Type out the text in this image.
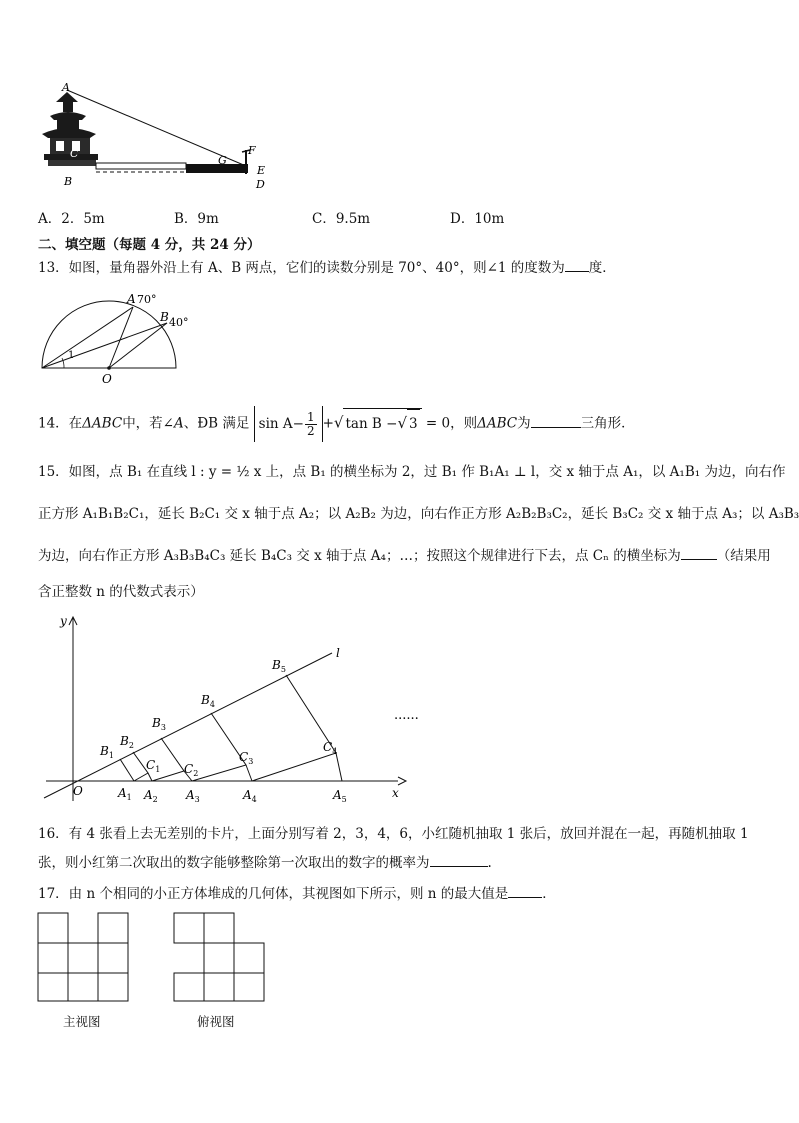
A
C
B
G
F
E
D
A．2．5m	B．9m	C．9.5m	D．10m
二、填空题（每题 4 分，共 24 分）
13．如图，量角器外沿上有 A、B 两点，它们的读数分别是 70°、40°，则∠1 的度数为 度．
A 70°
B 40°
O
1
14．在ΔABC中，若∠A、ÐB 满足 $\sin A- \frac{1}{2}$ +√ tan B −√ 3 = 0，则ΔABC为	三角形．
15．如图，点 B₁ 在直线 l : y = ½ x 上，点 B₁ 的横坐标为 2，过 B₁ 作 B₁A₁ ⊥ l，交 x 轴于点 A₁，以 A₁B₁ 为边，向右作
正方形 A₁B₁B₂C₁，延长 B₂C₁ 交 x 轴于点 A₂；以 A₂B₂ 为边，向右作正方形 A₂B₂B₃C₂，延长 B₃C₂ 交 x 轴于点 A₃；以 A₃B₃
为边，向右作正方形 A₃B₃B₄C₃ 延长 B₄C₃ 交 x 轴于点 A₄；…；按照这个规律进行下去，点 Cₙ 的横坐标为	（结果用
含正整数 n 的代数式表示）
y
x
O
l
......
$B_1$
$B_2$
$B_3$
$B_4$
$B_5$
$C_1$ $C_2$
$C_3$
$C_4$
$A_1$ $A_2$ $A_3$	$A_4$	$A_5$
16．有 4 张看上去无差别的卡片，上面分别写着 2，3，4，6，小红随机抽取 1 张后，放回并混在一起，再随机抽取 1
张，则小红第二次取出的数字能够整除第一次取出的数字的概率为	.
17．由 n 个相同的小正方体堆成的几何体，其视图如下所示，则 n 的最大值是	．
主视图	俯视图
